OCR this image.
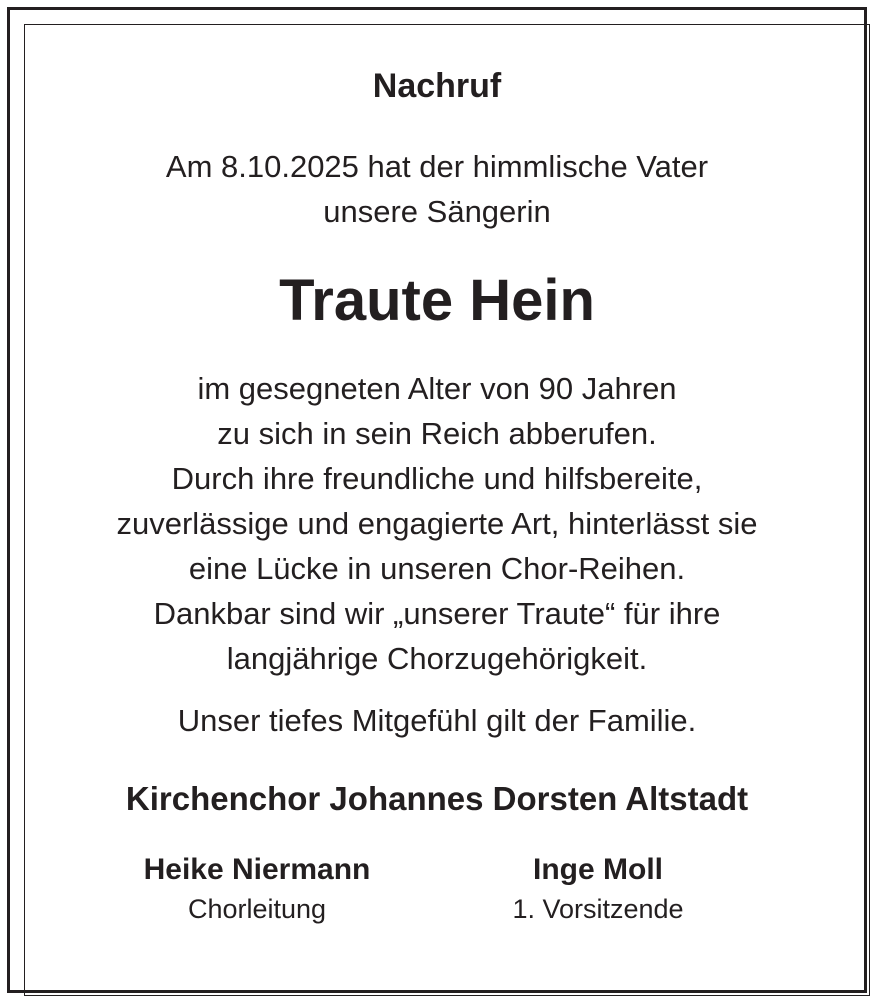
Nachruf
Am 8.10.2025 hat der himmlische Vater
unsere Sängerin
Traute Hein
im gesegneten Alter von 90 Jahren
zu sich in sein Reich abberufen.
Durch ihre freundliche und hilfsbereite,
zuverlässige und engagierte Art, hinterlässt sie
eine Lücke in unseren Chor-Reihen.
Dankbar sind wir „unserer Traute“ für ihre
langjährige Chorzugehörigkeit.
Unser tiefes Mitgefühl gilt der Familie.
Kirchenchor Johannes Dorsten Altstadt
Heike Niermann
Chorleitung
Inge Moll
1. Vorsitzende
